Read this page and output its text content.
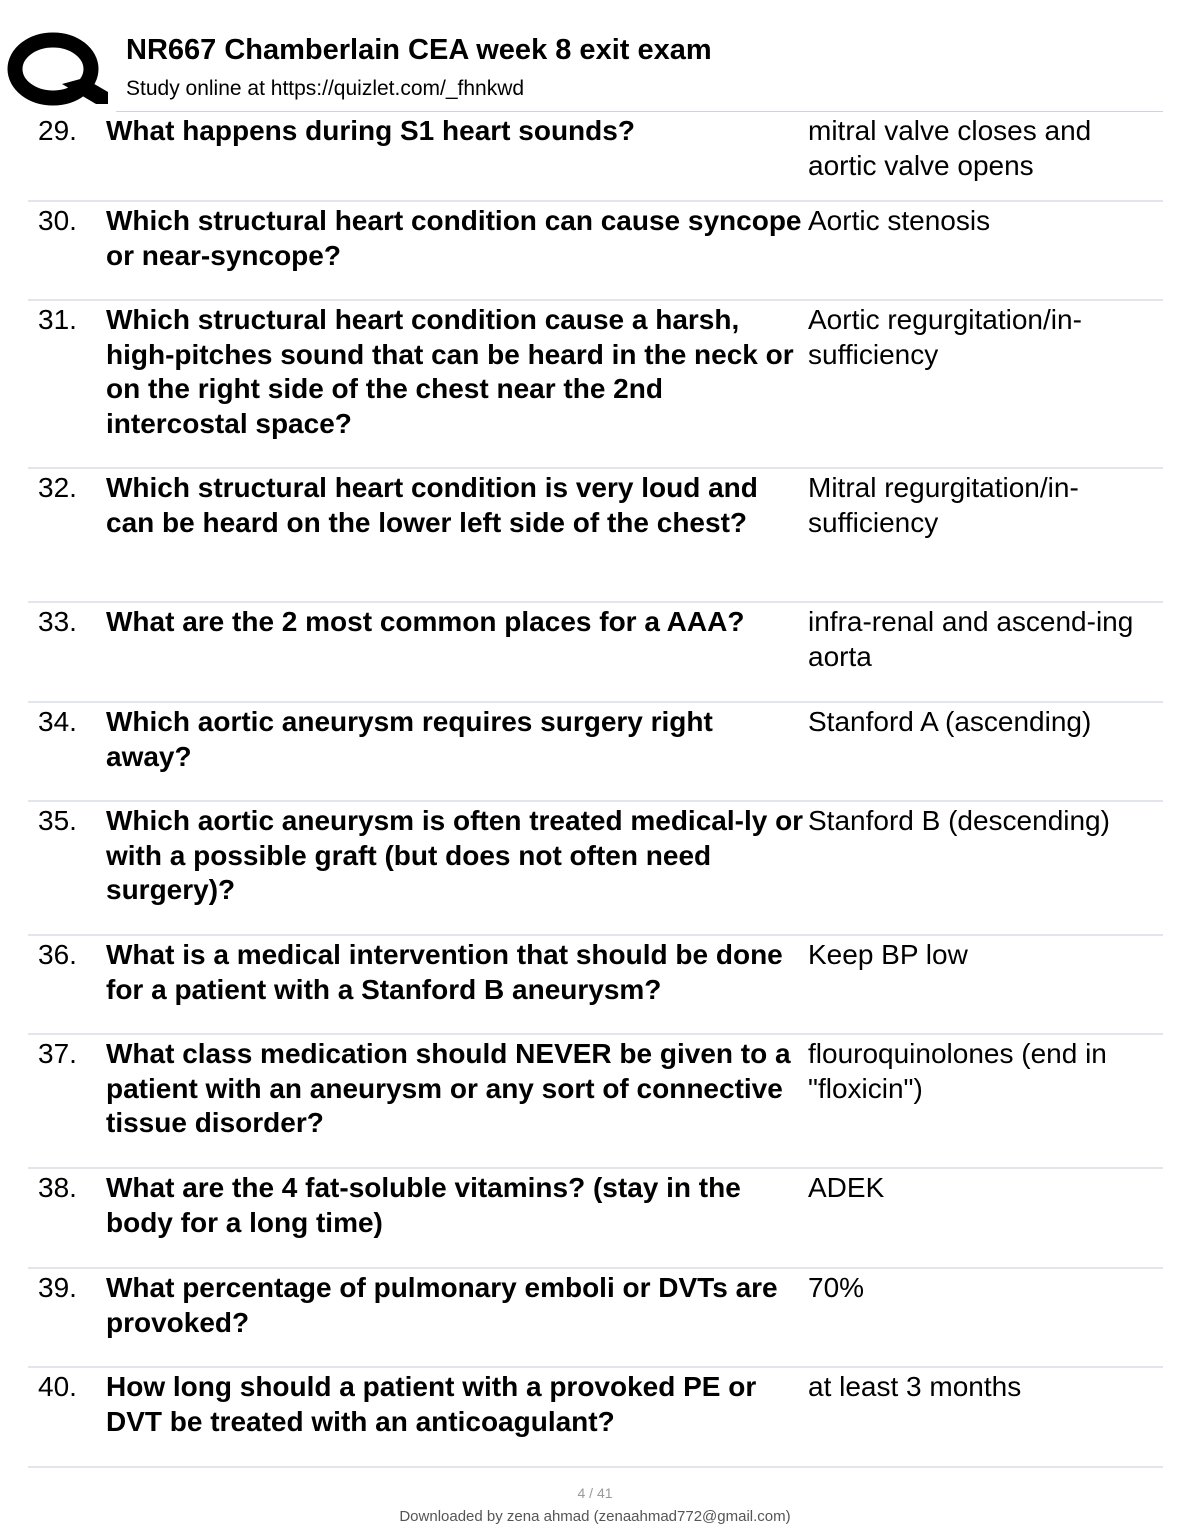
NR667 Chamberlain CEA week 8 exit exam
Study online at https://quizlet.com/_fhnkwd
29. What happens during S1 heart sounds?	mitral valve closes and aortic valve opens
30. Which structural heart condition can cause syncope or near-syncope?
Aortic stenosis
31. Which structural heart condition cause a harsh, high-pitches sound that can be heard in the neck or on the right side of the chest near the 2nd intercostal space?
Aortic regurgitation/in-sufficiency
32. Which structural heart condition is very loud and can be heard on the lower left side of the chest?
Mitral regurgitation/in-sufficiency
33. What are the 2 most common places for a AAA?	infra-renal and ascend-ing aorta
34. Which aortic aneurysm requires surgery right away?
Stanford A (ascending)
35. Which aortic aneurysm is often treated medical-ly or with a possible graft (but does not often need surgery)?
Stanford B (descending)
36. What is a medical intervention that should be done for a patient with a Stanford B aneurysm?
Keep BP low
37. What class medication should NEVER be given to a patient with an aneurysm or any sort of connective tissue disorder?
flouroquinolones (end in "floxicin")
38. What are the 4 fat-soluble vitamins? (stay in the body for a long time)
ADEK
39. What percentage of pulmonary emboli or DVTs are provoked?
70%
40. How long should a patient with a provoked PE or DVT be treated with an anticoagulant?
at least 3 months
4 / 41
Downloaded by zena ahmad (zenaahmad772@gmail.com)
